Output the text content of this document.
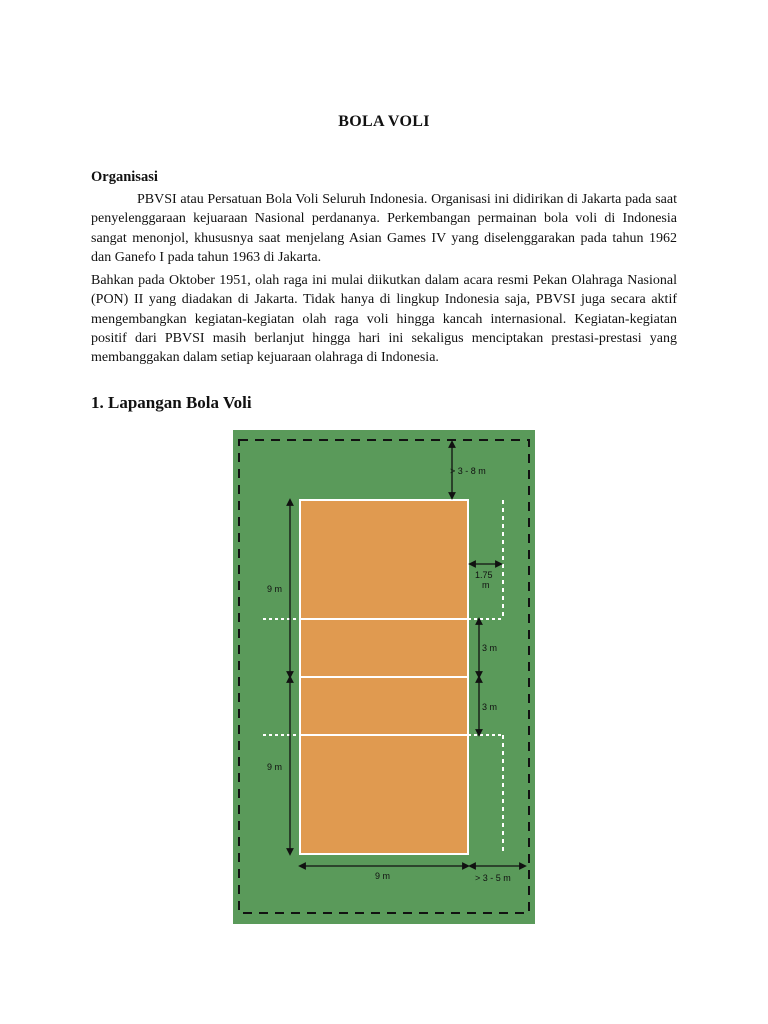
BOLA VOLI
Organisasi

PBVSI atau Persatuan Bola Voli Seluruh Indonesia. Organisasi ini didirikan di Jakarta pada saat penyelenggaraan kejuaraan Nasional perdananya. Perkembangan permainan bola voli di Indonesia sangat menonjol, khususnya saat menjelang Asian Games IV yang diselenggarakan pada tahun 1962 dan Ganefo I pada tahun 1963 di Jakarta.

Bahkan pada Oktober 1951, olah raga ini mulai diikutkan dalam acara resmi Pekan Olahraga Nasional (PON) II yang diadakan di Jakarta. Tidak hanya di lingkup Indonesia saja, PBVSI juga secara aktif mengembangkan kegiatan-kegiatan olah raga voli hingga kancah internasional. Kegiatan-kegiatan positif dari PBVSI masih berlanjut hingga hari ini sekaligus menciptakan prestasi-prestasi yang membanggakan dalam setiap kejuaraan olahraga di Indonesia.

1. Lapangan Bola Voli
> 3 - 8 m
1.75
m
9 m
9 m
3 m
3 m
9 m	> 3 - 5 m
